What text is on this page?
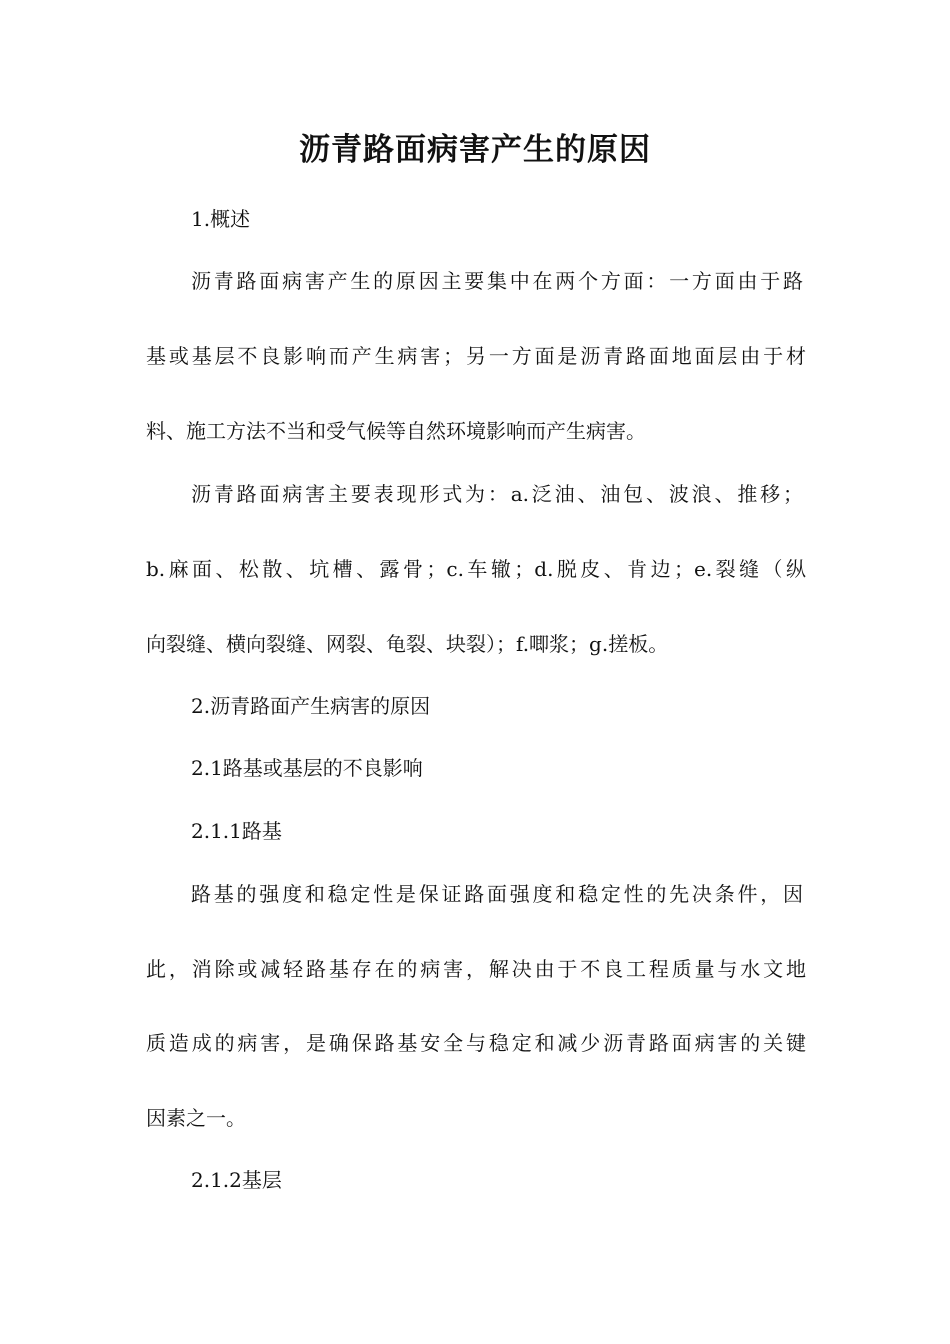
沥青路面病害产生的原因
1.概述
沥青路面病害产生的原因主要集中在两个方面：一方面由于路
基或基层不良影响而产生病害；另一方面是沥青路面地面层由于材
料、施工方法不当和受气候等自然环境影响而产生病害。
沥青路面病害主要表现形式为：a.泛油、油包、波浪、推移；
b.麻面、松散、坑槽、露骨；c.车辙；d.脱皮、肯边；e.裂缝（纵
向裂缝、横向裂缝、网裂、龟裂、块裂）；f.唧浆；g.搓板。
2.沥青路面产生病害的原因
2.1路基或基层的不良影响
2.1.1路基
路基的强度和稳定性是保证路面强度和稳定性的先决条件，因
此，消除或减轻路基存在的病害，解决由于不良工程质量与水文地
质造成的病害，是确保路基安全与稳定和减少沥青路面病害的关键
因素之一。
2.1.2基层
